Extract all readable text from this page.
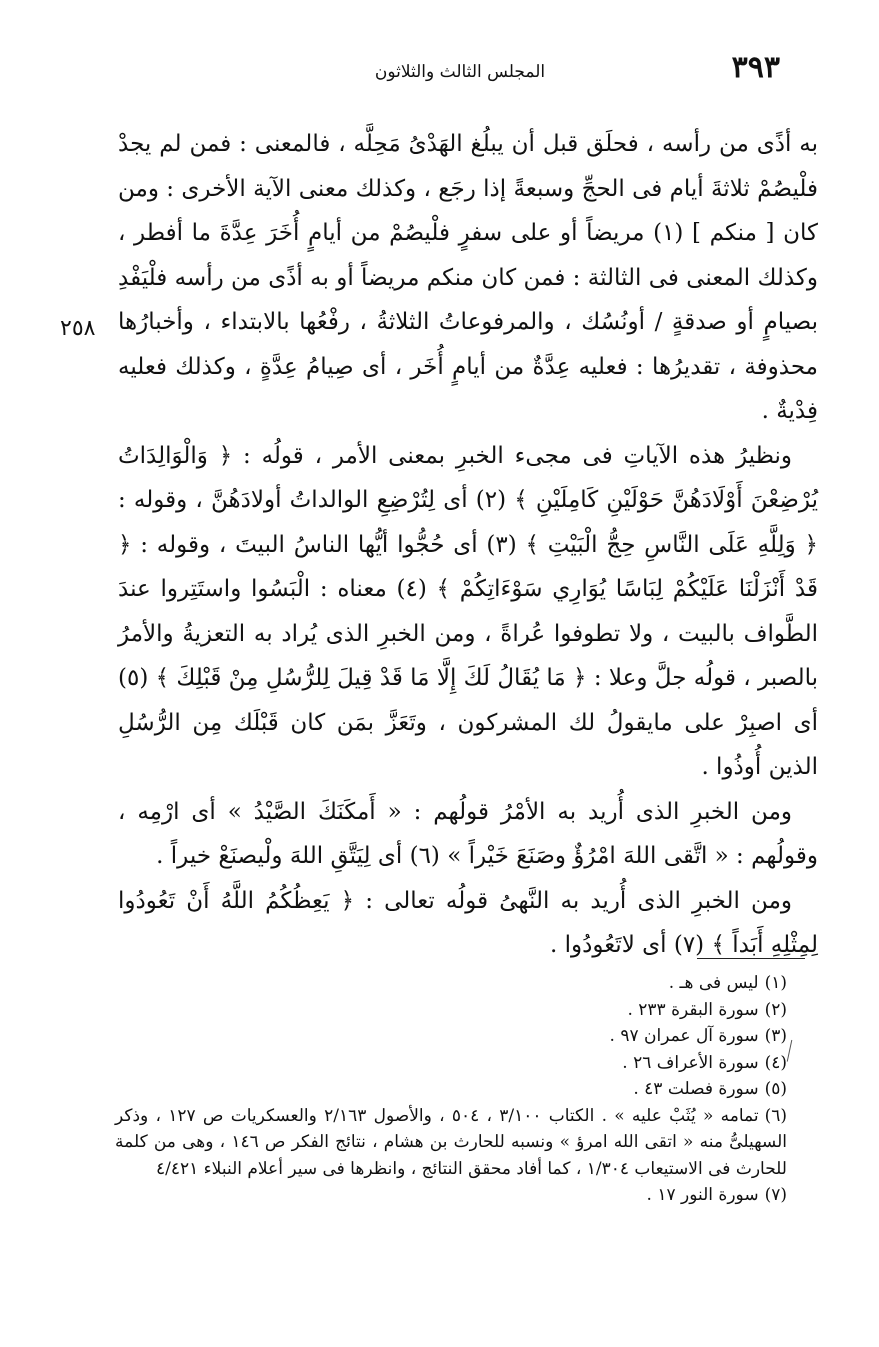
٣٩٣
المجلس الثالث والثلاثون
٢٥٨

به أذًى من رأسه ، فحلَق قبل أن يبلُغ الهَدْىُ مَحِلَّه ، فالمعنى : فمن لم يجدْ فلْيصُمْ ثلاثةَ أيام فى الحجِّ وسبعةً إذا رجَع ، وكذلك معنى الآية الأخرى : ومن كان [ منكم ] (١) مريضاً أو على سفرٍ فلْيصُمْ من أيامٍ أُخَرَ عِدَّةَ ما أفطر ، وكذلك المعنى فى الثالثة : فمن كان منكم مريضاً أو به أذًى من رأسه فلْيَفْدِ بصيامٍ أو صدقةٍ / أونُسُك ، والمرفوعاتُ الثلاثةُ ، رفْعُها بالابتداء ، وأخبارُها محذوفة ، تقديرُها : فعليه عِدَّةٌ من أيامٍ أُخَر ، أى صِيامُ عِدَّةٍ ، وكذلك فعليه فِدْيةٌ .

ونظيرُ هذه الآياتِ فى مجىء الخبرِ بمعنى الأمر ، قولُه : ﴿ وَالْوَالِدَاتُ يُرْضِعْنَ أَوْلَادَهُنَّ حَوْلَيْنِ كَامِلَيْنِ ﴾ (٢) أى لِتُرْضِعِ الوالداتُ أولادَهُنَّ ، وقوله : ﴿ وَلِلَّهِ عَلَى النَّاسِ حِجُّ الْبَيْتِ ﴾ (٣) أى حُجُّوا أيُّها الناسُ البيتَ ، وقوله : ﴿ قَدْ أَنْزَلْنَا عَلَيْكُمْ لِبَاسًا يُوَارِي سَوْءَاتِكُمْ ﴾ (٤) معناه : الْبَسُوا واستَتِروا عندَ الطَّواف بالبيت ، ولا تطوفوا عُراةً ، ومن الخبرِ الذى يُراد به التعزيةُ والأمرُ بالصبر ، قولُه جلَّ وعلا : ﴿ مَا يُقَالُ لَكَ إِلَّا مَا قَدْ قِيلَ لِلرُّسُلِ مِنْ قَبْلِكَ ﴾ (٥) أى اصبِرْ على مايقولُ لك المشركون ، وتَعَزَّ بمَن كان قَبْلَك مِن الرُّسُلِ الذين أُوذُوا .

ومن الخبرِ الذى أُريد به الأمْرُ قولُهم : « أَمكَنَكَ الصَّيْدُ » أى ارْمِه ، وقولُهم : « اتَّقى اللهَ امْرُؤٌ وصَنَعَ خَيْراً » (٦) أى لِيَتَّقِ اللهَ ولْيصنَعْ خيراً .

ومن الخبرِ الذى أُريد به النَّهىُ قولُه تعالى : ﴿ يَعِظُكُمُ اللَّهُ أَنْ تَعُودُوا لِمِثْلِهِ أَبَداً ﴾ (٧) أى لاتَعُودُوا .

(١)ليس فى هـ .

(٢)سورة البقرة ٢٣٣ .

(٣)سورة آل عمران ٩٧ .

(٤)سورة الأعراف ٢٦ .

(٥)سورة فصلت ٤٣ .

(٦)تمامه « يُثَبْ عليه » . الكتاب ٣/١٠٠ ، ٥٠٤ ، والأصول ٢/١٦٣ والعسكريات ص ١٢٧ ، وذكر السهيلىُّ منه « اتقى الله امرؤ » ونسبه للحارث بن هشام ، نتائج الفكر ص ١٤٦ ، وهى من كلمة للحارث فى الاستيعاب ١/٣٠٤ ، كما أفاد محقق النتائج ، وانظرها فى سير أعلام النبلاء ٤/٤٢١

(٧)سورة النور ١٧ .
